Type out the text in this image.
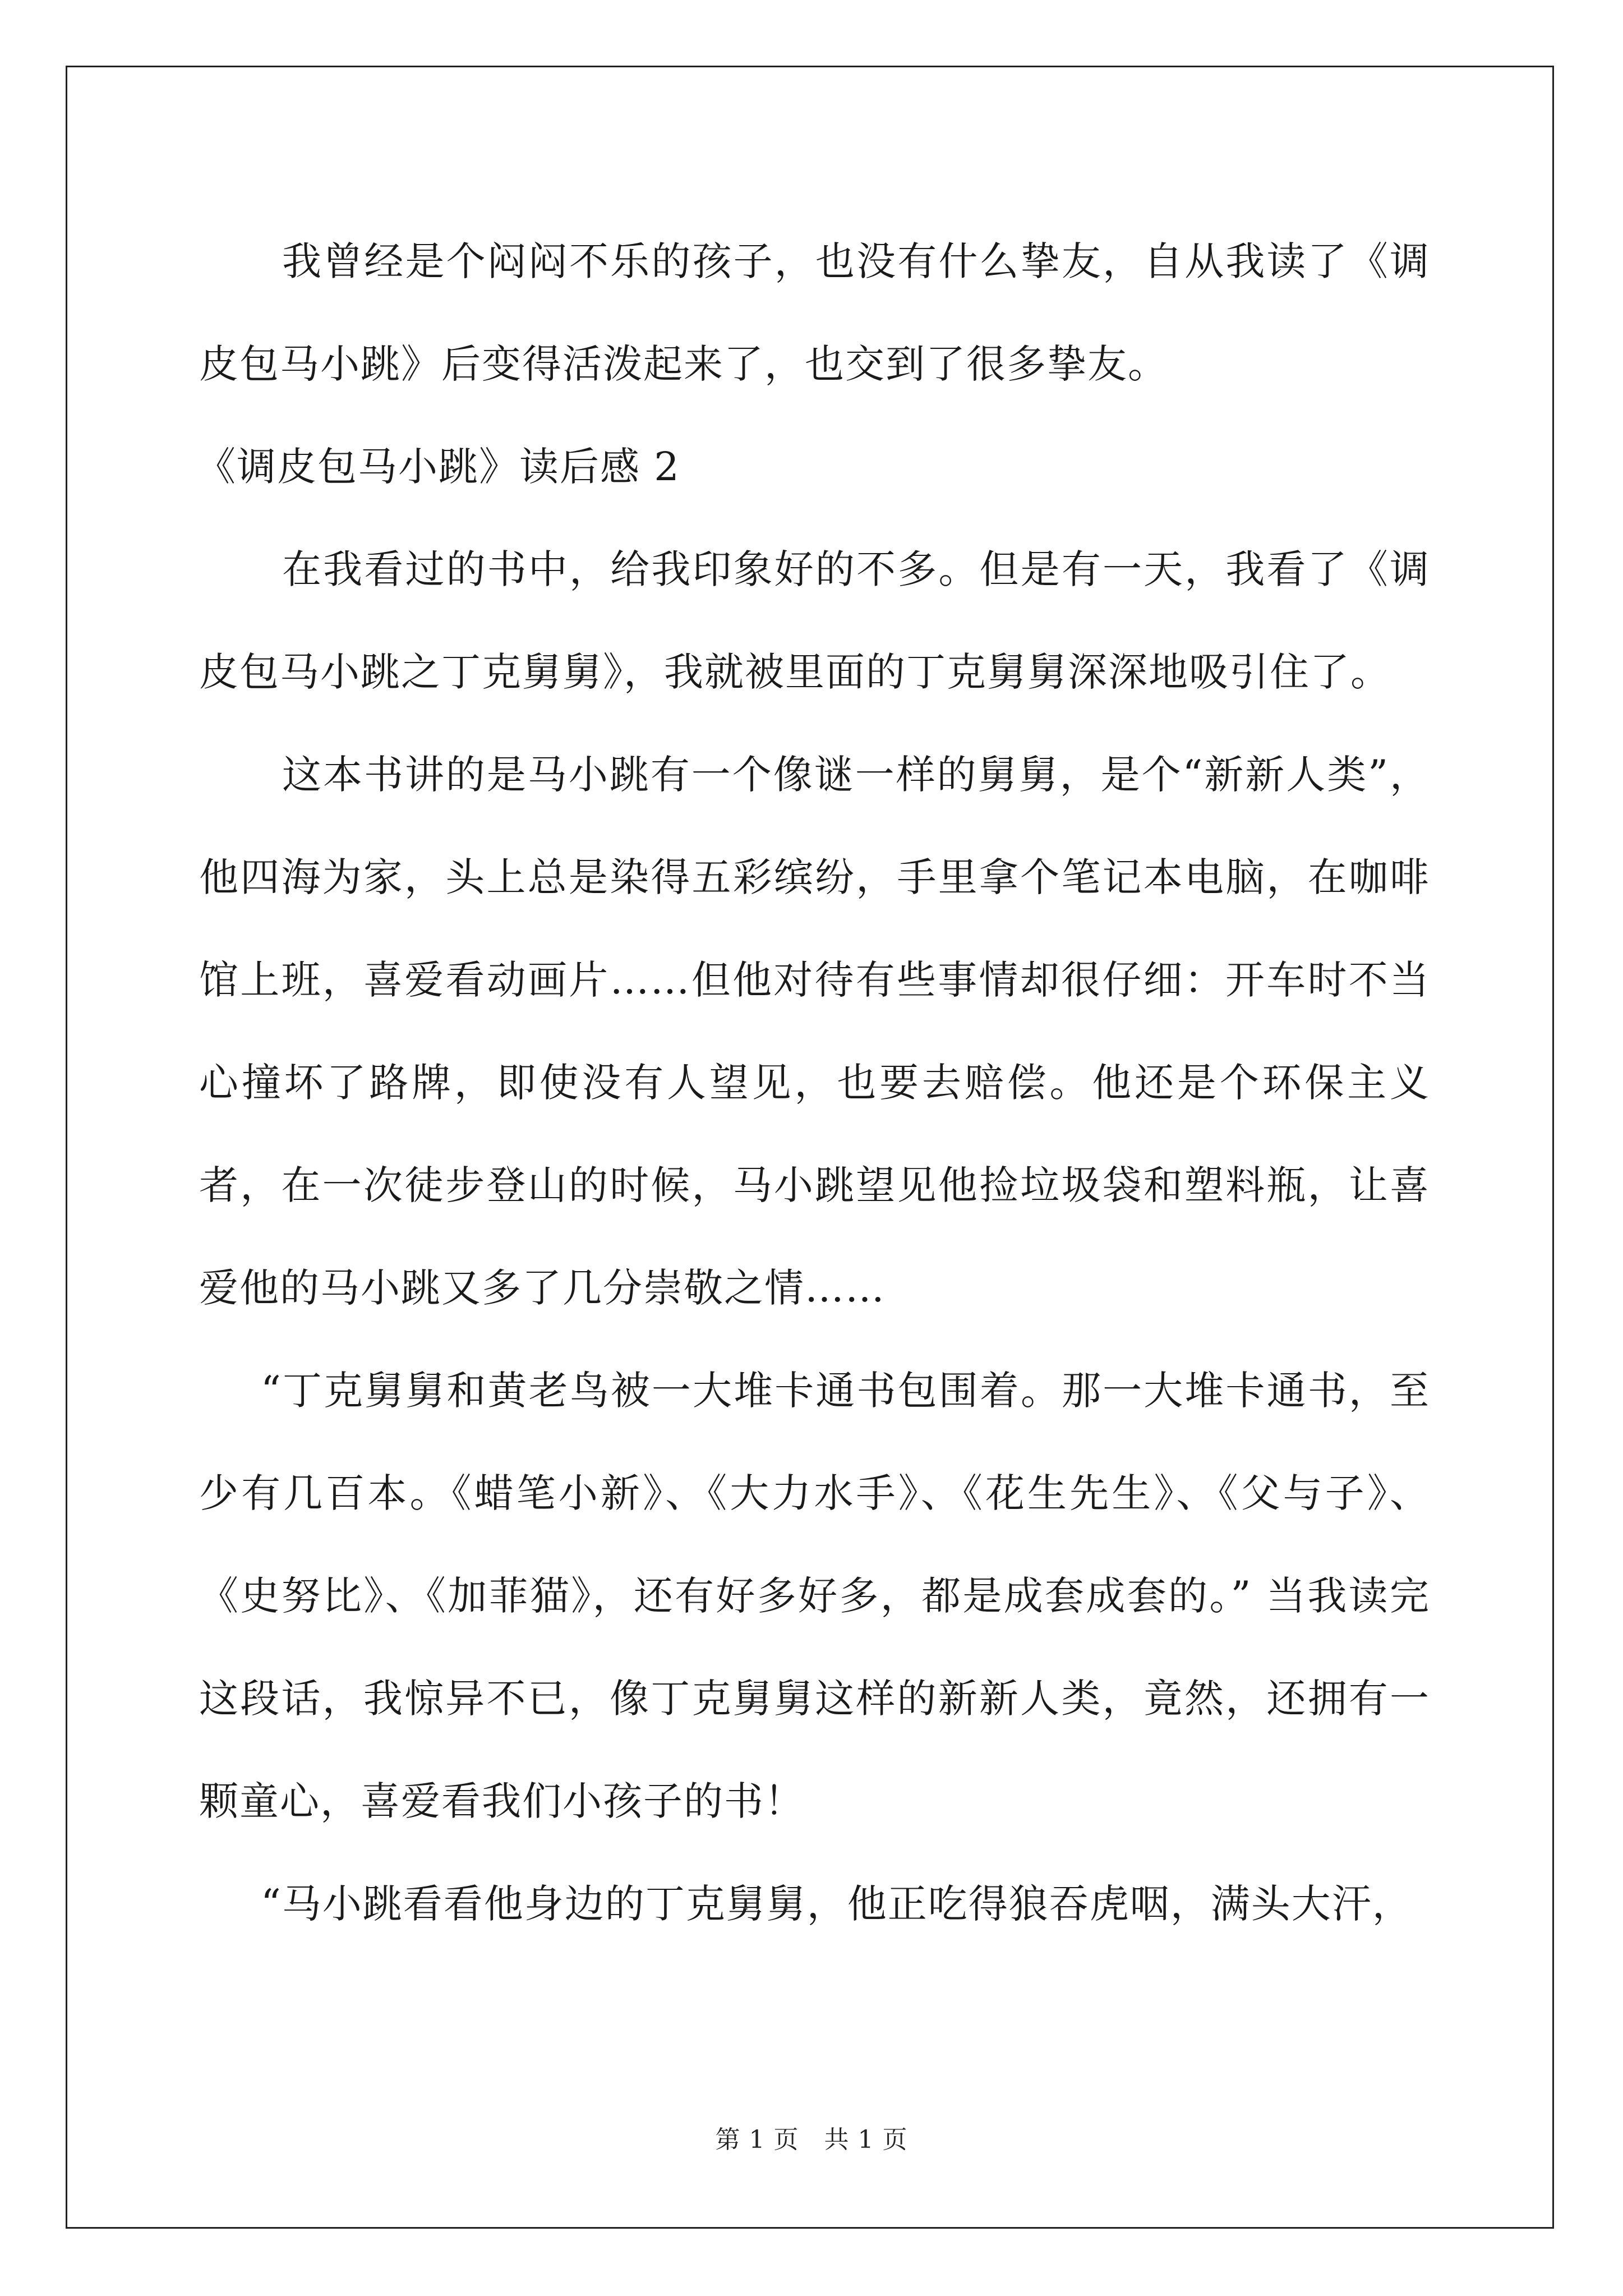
我曾经是个闷闷不乐的孩子，也没有什么挚友，自从我读了《调皮包马小跳》后变得活泼起来了，也交到了很多挚友。

《调皮包马小跳》读后感 2

在我看过的书中，给我印象好的不多。但是有一天，我看了《调皮包马小跳之丁克舅舅》，我就被里面的丁克舅舅深深地吸引住了。

这本书讲的是马小跳有一个像谜一样的舅舅，是个“新新人类”，他四海为家，头上总是染得五彩缤纷，手里拿个笔记本电脑，在咖啡馆上班，喜爱看动画片……但他对待有些事情却很仔细：开车时不当心撞坏了路牌，即使没有人望见，也要去赔偿。他还是个环保主义者，在一次徒步登山的时候，马小跳望见他捡垃圾袋和塑料瓶，让喜爱他的马小跳又多了几分崇敬之情……

“丁克舅舅和黄老鸟被一大堆卡通书包围着。那一大堆卡通书，至少有几百本。《蜡笔小新》、《大力水手》、《花生先生》、《父与子》、《史努比》、《加菲猫》，还有好多好多，都是成套成套的。” 当我读完这段话，我惊异不已，像丁克舅舅这样的新新人类，竟然，还拥有一颗童心，喜爱看我们小孩子的书！

“马小跳看看他身边的丁克舅舅，他正吃得狼吞虎咽，满头大汗，

第 1 页　共 1 页
